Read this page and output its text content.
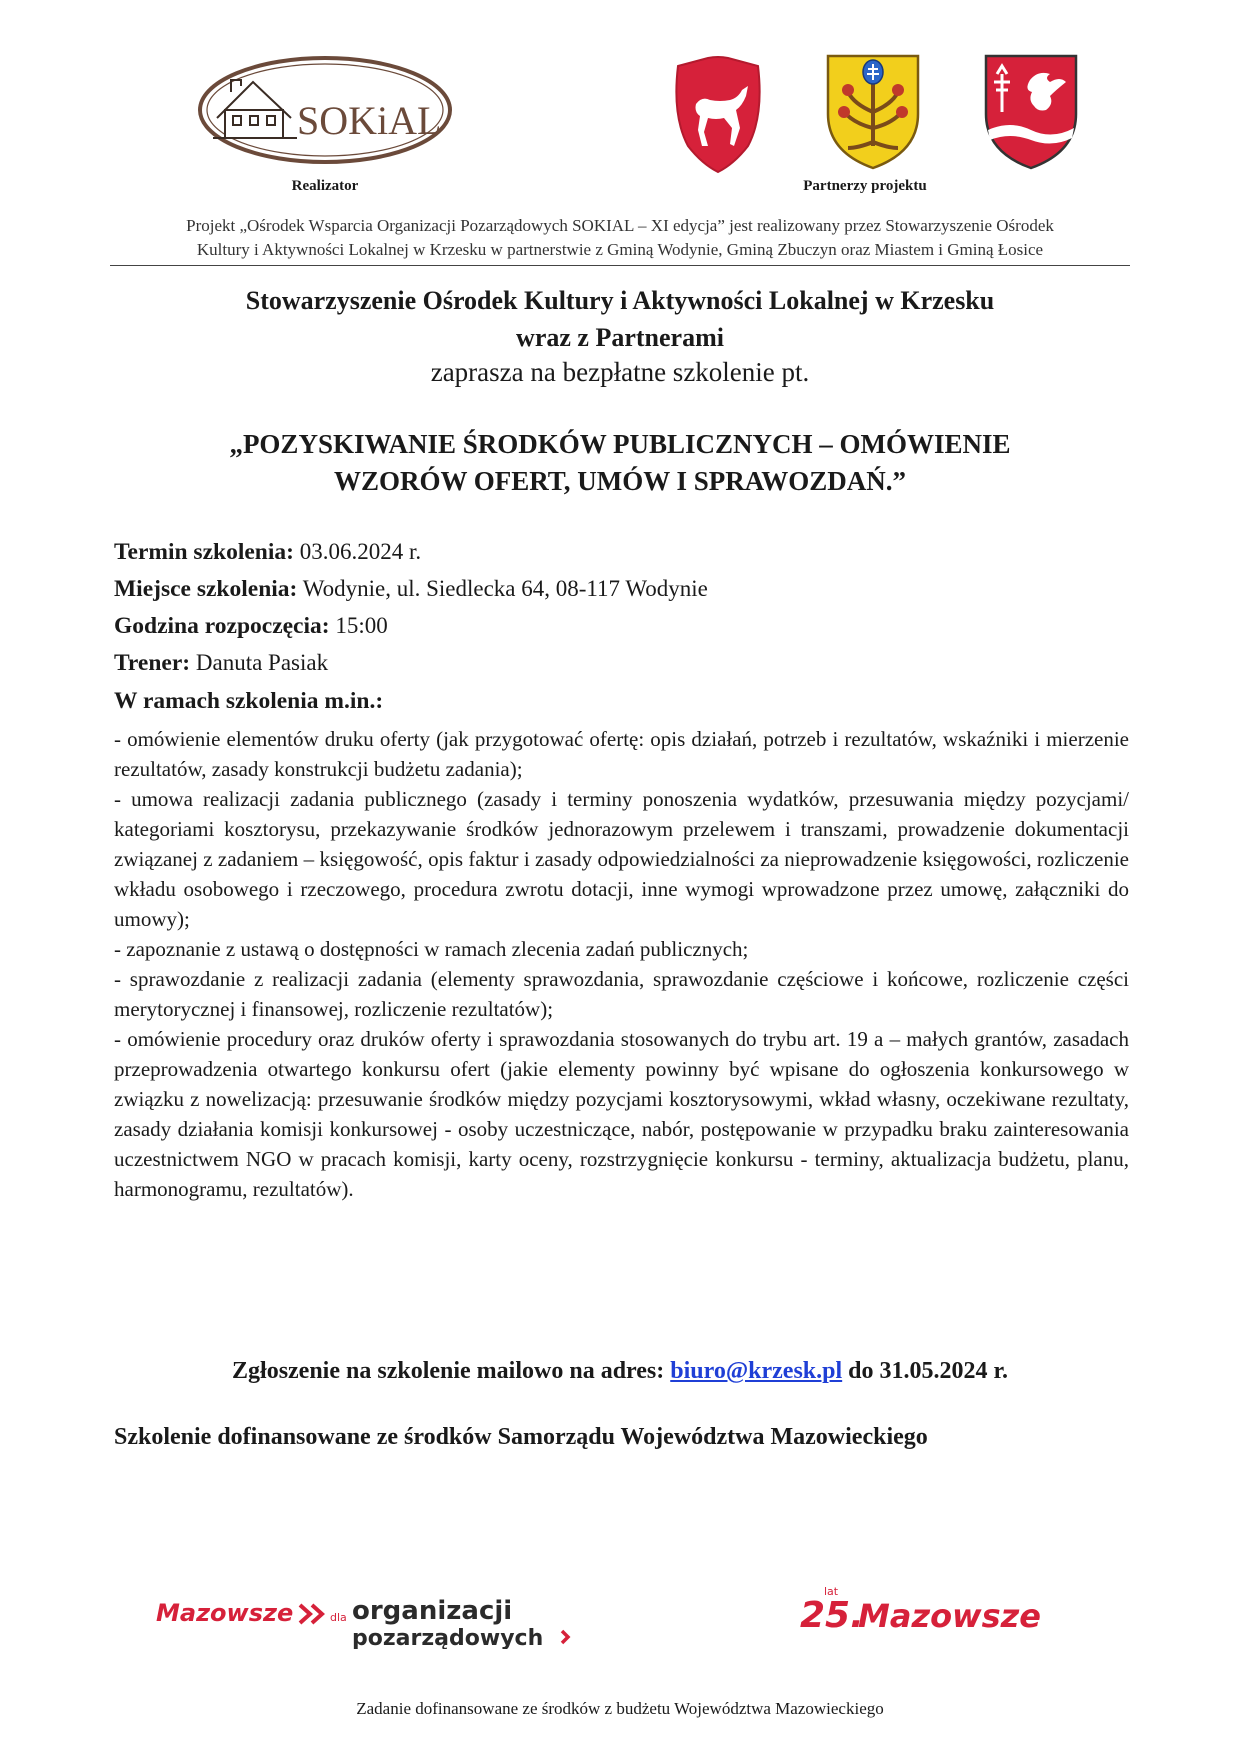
SOKiAL
Realizator	Partnerzy projektu
Projekt „Ośrodek Wsparcia Organizacji Pozarządowych SOKIAL – XI edycja” jest realizowany przez Stowarzyszenie Ośrodek
Kultury i Aktywności Lokalnej w Krzesku w partnerstwie z Gminą Wodynie, Gminą Zbuczyn oraz Miastem i Gminą Łosice
Stowarzyszenie Ośrodek Kultury i Aktywności Lokalnej w Krzesku
wraz z Partnerami
zaprasza na bezpłatne szkolenie pt.
„POZYSKIWANIE ŚRODKÓW PUBLICZNYCH – OMÓWIENIE
WZORÓW OFERT, UMÓW I SPRAWOZDAŃ.”
Termin szkolenia: 03.06.2024 r.
Miejsce szkolenia: Wodynie, ul. Siedlecka 64, 08-117 Wodynie
Godzina rozpoczęcia: 15:00
Trener: Danuta Pasiak
W ramach szkolenia m.in.:

- omówienie elementów druku oferty (jak przygotować ofertę: opis działań, potrzeb i rezultatów, wskaźniki i mierzenie rezultatów, zasady konstrukcji budżetu zadania);

- umowa realizacji zadania publicznego (zasady i terminy ponoszenia wydatków, przesuwania między pozycjami/ kategoriami kosztorysu, przekazywanie środków jednorazowym przelewem i transzami, prowadzenie dokumentacji związanej z zadaniem – księgowość, opis faktur i zasady odpowiedzialności za nieprowadzenie księgowości, rozliczenie wkładu osobowego i rzeczowego, procedura zwrotu dotacji, inne wymogi wprowadzone przez umowę, załączniki do umowy);

- zapoznanie z ustawą o dostępności w ramach zlecenia zadań publicznych;

- sprawozdanie z realizacji zadania (elementy sprawozdania, sprawozdanie częściowe i końcowe, rozliczenie części merytorycznej i finansowej, rozliczenie rezultatów);

- omówienie procedury oraz druków oferty i sprawozdania stosowanych do trybu art. 19 a – małych grantów, zasadach przeprowadzenia otwartego konkursu ofert (jakie elementy powinny być wpisane do ogłoszenia konkursowego w związku z nowelizacją: przesuwanie środków między pozycjami kosztorysowymi, wkład własny, oczekiwane rezultaty, zasady działania komisji konkursowej - osoby uczestniczące, nabór, postępowanie w przypadku braku zainteresowania uczestnictwem NGO w pracach komisji, karty oceny, rozstrzygnięcie konkursu - terminy, aktualizacja budżetu, planu, harmonogramu, rezultatów).

Zgłoszenie na szkolenie mailowo na adres: biuro@krzesk.pl do 31.05.2024 r.
Szkolenie dofinansowane ze środków Samorządu Województwa Mazowieckiego
Mazowsze	dla organizacji
pozarządowych
25.
lat
Mazowsze
Zadanie dofinansowane ze środków z budżetu Województwa Mazowieckiego
